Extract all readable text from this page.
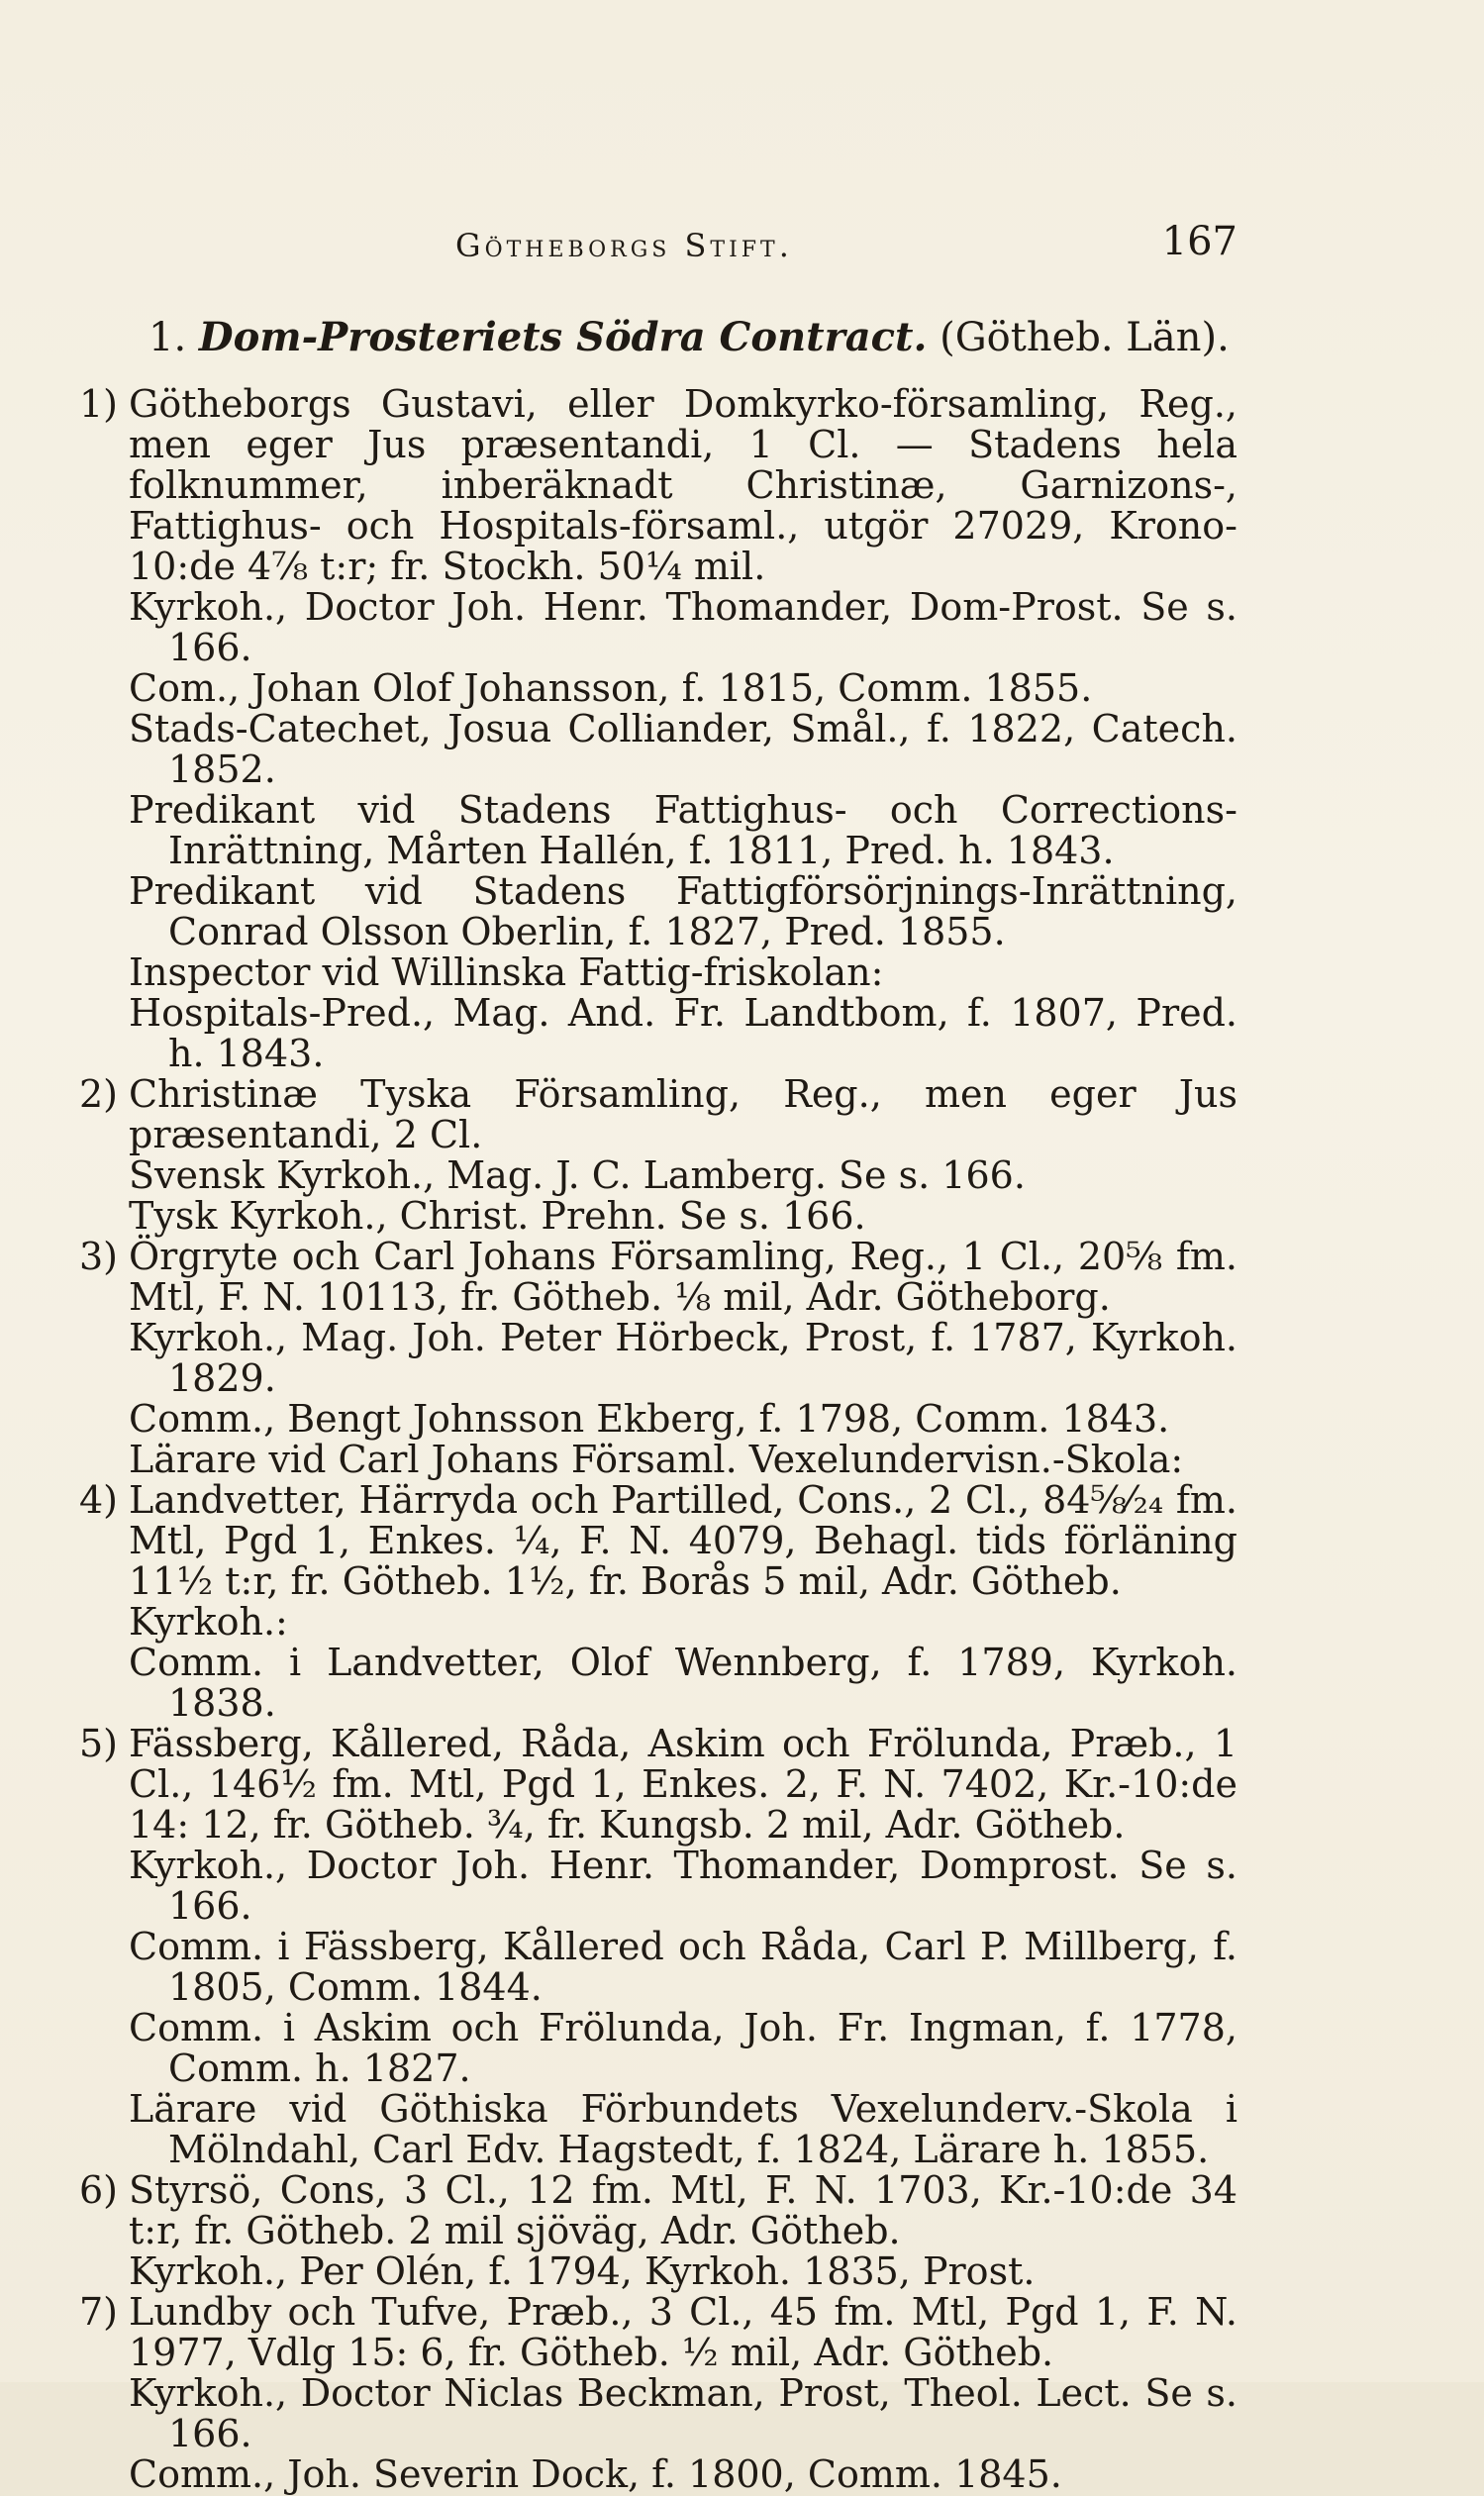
Götheborgs Stift.	167
1. Dom-Prosteriets Södra Contract. (Götheb. Län).
1) Götheborgs Gustavi, eller Domkyrko-församling, Reg., men eger Jus præsentandi, 1 Cl. — Stadens hela folknummer, inberäknadt Christinæ, Garnizons-, Fattighus- och Hospitals-församl., utgör 27029, Krono-10:de 4⅞ t:r; fr. Stockh. 50¼ mil.

Kyrkoh., Doctor Joh. Henr. Thomander, Dom-Prost. Se s. 166.

Com., Johan Olof Johansson, f. 1815, Comm. 1855.

Stads-Catechet, Josua Colliander, Smål., f. 1822, Catech. 1852.

Predikant vid Stadens Fattighus- och Corrections-Inrättning, Mårten Hallén, f. 1811, Pred. h. 1843.

Predikant vid Stadens Fattigförsörjnings-Inrättning, Conrad Olsson Oberlin, f. 1827, Pred. 1855.

Inspector vid Willinska Fattig-friskolan:

Hospitals-Pred., Mag. And. Fr. Landtbom, f. 1807, Pred. h. 1843.

2) Christinæ Tyska Församling, Reg., men eger Jus præsentandi, 2 Cl.

Svensk Kyrkoh., Mag. J. C. Lamberg. Se s. 166.

Tysk Kyrkoh., Christ. Prehn. Se s. 166.

3) Örgryte och Carl Johans Församling, Reg., 1 Cl., 20⅝ fm. Mtl, F. N. 10113, fr. Götheb. ⅛ mil, Adr. Götheborg.

Kyrkoh., Mag. Joh. Peter Hörbeck, Prost, f. 1787, Kyrkoh. 1829.

Comm., Bengt Johnsson Ekberg, f. 1798, Comm. 1843.

Lärare vid Carl Johans Församl. Vexelundervisn.-Skola:

4) Landvetter, Härryda och Partilled, Cons., 2 Cl., 84⅝⁄₂₄ fm. Mtl, Pgd 1, Enkes. ¼, F. N. 4079, Behagl. tids förläning 11½ t:r, fr. Götheb. 1½, fr. Borås 5 mil, Adr. Götheb.

Kyrkoh.:

Comm. i Landvetter, Olof Wennberg, f. 1789, Kyrkoh. 1838.

5) Fässberg, Kållered, Råda, Askim och Frölunda, Præb., 1 Cl., 146½ fm. Mtl, Pgd 1, Enkes. 2, F. N. 7402, Kr.-10:de 14: 12, fr. Götheb. ¾, fr. Kungsb. 2 mil, Adr. Götheb.

Kyrkoh., Doctor Joh. Henr. Thomander, Domprost. Se s. 166.

Comm. i Fässberg, Kållered och Råda, Carl P. Millberg, f. 1805, Comm. 1844.

Comm. i Askim och Frölunda, Joh. Fr. Ingman, f. 1778, Comm. h. 1827.

Lärare vid Göthiska Förbundets Vexelunderv.-Skola i Mölndahl, Carl Edv. Hagstedt, f. 1824, Lärare h. 1855.

6) Styrsö, Cons, 3 Cl., 12 fm. Mtl, F. N. 1703, Kr.-10:de 34 t:r, fr. Götheb. 2 mil sjöväg, Adr. Götheb.

Kyrkoh., Per Olén, f. 1794, Kyrkoh. 1835, Prost.

7) Lundby och Tufve, Præb., 3 Cl., 45 fm. Mtl, Pgd 1, F. N. 1977, Vdlg 15: 6, fr. Götheb. ½ mil, Adr. Götheb.

Kyrkoh., Doctor Niclas Beckman, Prost, Theol. Lect. Se s. 166.

Comm., Joh. Severin Dock, f. 1800, Comm. 1845.
